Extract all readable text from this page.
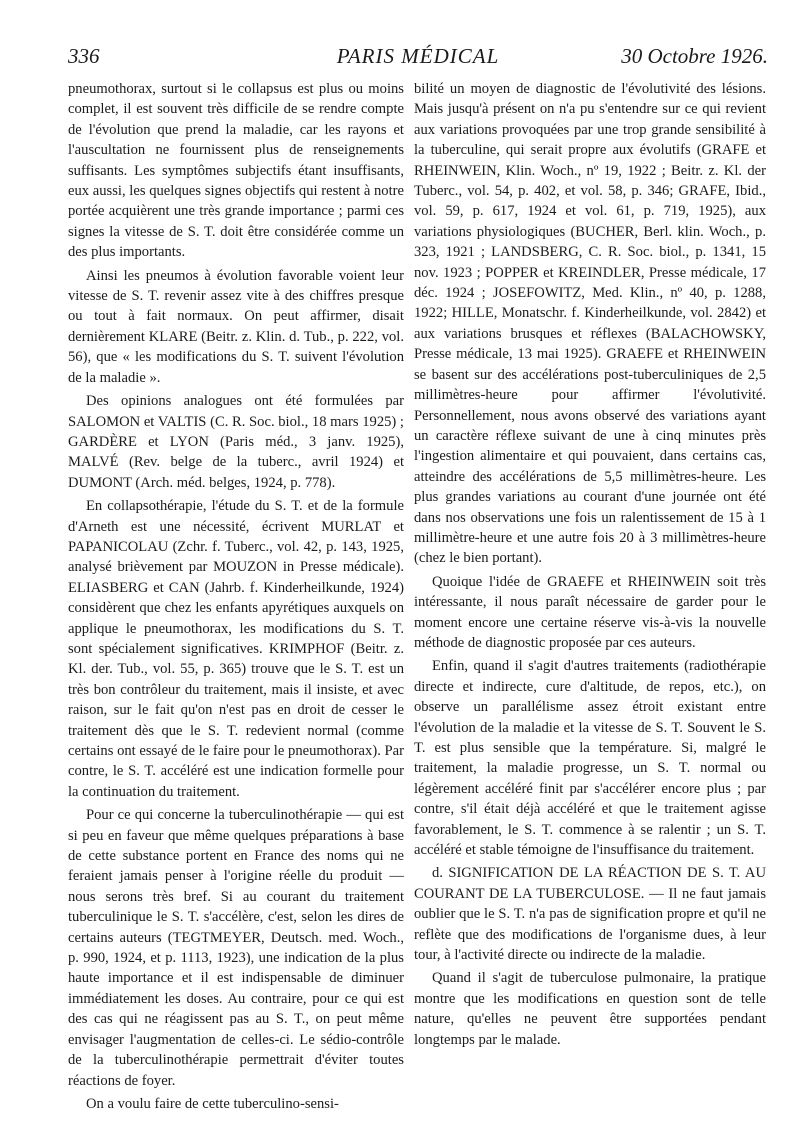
336	PARIS MÉDICAL	30 Octobre 1926.

pneumothorax, surtout si le collapsus est plus ou moins complet, il est souvent très difficile de se rendre compte de l'évolution que prend la maladie, car les rayons et l'auscultation ne fournissent plus de renseignements suffisants. Les symptômes subjectifs étant insuffisants, eux aussi, les quelques signes objectifs qui restent à notre portée acquièrent une très grande importance ; parmi ces signes la vitesse de S. T. doit être considérée comme un des plus importants.

Ainsi les pneumos à évolution favorable voient leur vitesse de S. T. revenir assez vite à des chiffres presque ou tout à fait normaux. On peut affirmer, disait dernièrement KLARE (Beitr. z. Klin. d. Tub., p. 222, vol. 56), que « les modifications du S. T. suivent l'évolution de la maladie ».

Des opinions analogues ont été formulées par SALOMON et VALTIS (C. R. Soc. biol., 18 mars 1925) ; GARDÈRE et LYON (Paris méd., 3 janv. 1925), MALVÉ (Rev. belge de la tuberc., avril 1924) et DUMONT (Arch. méd. belges, 1924, p. 778).

En collapsothérapie, l'étude du S. T. et de la formule d'Arneth est une nécessité, écrivent MURLAT et PAPANICOLAU (Zchr. f. Tuberc., vol. 42, p. 143, 1925, analysé brièvement par MOUZON in Presse médicale). ELIASBERG et CAN (Jahrb. f. Kinderheilkunde, 1924) considèrent que chez les enfants apyrétiques auxquels on applique le pneumothorax, les modifications du S. T. sont spécialement significatives. KRIMPHOF (Beitr. z. Kl. der. Tub., vol. 55, p. 365) trouve que le S. T. est un très bon contrôleur du traitement, mais il insiste, et avec raison, sur le fait qu'on n'est pas en droit de cesser le traitement dès que le S. T. redevient normal (comme certains ont essayé de le faire pour le pneumothorax). Par contre, le S. T. accéléré est une indication formelle pour la continuation du traitement.

Pour ce qui concerne la tuberculinothérapie — qui est si peu en faveur que même quelques préparations à base de cette substance portent en France des noms qui ne feraient jamais penser à l'origine réelle du produit — nous serons très bref. Si au courant du traitement tuberculinique le S. T. s'accélère, c'est, selon les dires de certains auteurs (TEGTMEYER, Deutsch. med. Woch., p. 990, 1924, et p. 1113, 1923), une indication de la plus haute importance et il est indispensable de diminuer immédiatement les doses. Au contraire, pour ce qui est des cas qui ne réagissent pas au S. T., on peut même envisager l'augmentation de celles-ci. Le sédio-contrôle de la tuberculinothérapie permettrait d'éviter toutes réactions de foyer.

On a voulu faire de cette tuberculino-sensi-

bilité un moyen de diagnostic de l'évolutivité des lésions. Mais jusqu'à présent on n'a pu s'entendre sur ce qui revient aux variations provoquées par une trop grande sensibilité à la tuberculine, qui serait propre aux évolutifs (GRAFE et RHEINWEIN, Klin. Woch., nº 19, 1922 ; Beitr. z. Kl. der Tuberc., vol. 54, p. 402, et vol. 58, p. 346; GRAFE, Ibid., vol. 59, p. 617, 1924 et vol. 61, p. 719, 1925), aux variations physiologiques (BUCHER, Berl. klin. Woch., p. 323, 1921 ; LANDSBERG, C. R. Soc. biol., p. 1341, 15 nov. 1923 ; POPPER et KREINDLER, Presse médicale, 17 déc. 1924 ; JOSEFOWITZ, Med. Klin., nº 40, p. 1288, 1922; HILLE, Monatschr. f. Kinderheilkunde, vol. 2842) et aux variations brusques et réflexes (BALACHOWSKY, Presse médicale, 13 mai 1925). GRAEFE et RHEINWEIN se basent sur des accélérations post-tuberculiniques de 2,5 millimètres-heure pour affirmer l'évolutivité. Personnellement, nous avons observé des variations ayant un caractère réflexe suivant de une à cinq minutes près l'ingestion alimentaire et qui pouvaient, dans certains cas, atteindre des accélérations de 5,5 millimètres-heure. Les plus grandes variations au courant d'une journée ont été dans nos observations une fois un ralentissement de 15 à 1 millimètre-heure et une autre fois 20 à 3 millimètres-heure (chez le bien portant).

Quoique l'idée de GRAEFE et RHEINWEIN soit très intéressante, il nous paraît nécessaire de garder pour le moment encore une certaine réserve vis-à-vis la nouvelle méthode de diagnostic proposée par ces auteurs.

Enfin, quand il s'agit d'autres traitements (radiothérapie directe et indirecte, cure d'altitude, de repos, etc.), on observe un parallélisme assez étroit existant entre l'évolution de la maladie et la vitesse de S. T. Souvent le S. T. est plus sensible que la température. Si, malgré le traitement, la maladie progresse, un S. T. normal ou légèrement accéléré finit par s'accélérer encore plus ; par contre, s'il était déjà accéléré et que le traitement agisse favorablement, le S. T. commence à se ralentir ; un S. T. accéléré et stable témoigne de l'insuffisance du traitement.

d. SIGNIFICATION DE LA RÉACTION DE S. T. AU COURANT DE LA TUBERCULOSE. — Il ne faut jamais oublier que le S. T. n'a pas de signification propre et qu'il ne reflète que des modifications de l'organisme dues, à leur tour, à l'activité directe ou indirecte de la maladie.

Quand il s'agit de tuberculose pulmonaire, la pratique montre que les modifications en question sont de telle nature, qu'elles ne peuvent être supportées pendant longtemps par le malade.
